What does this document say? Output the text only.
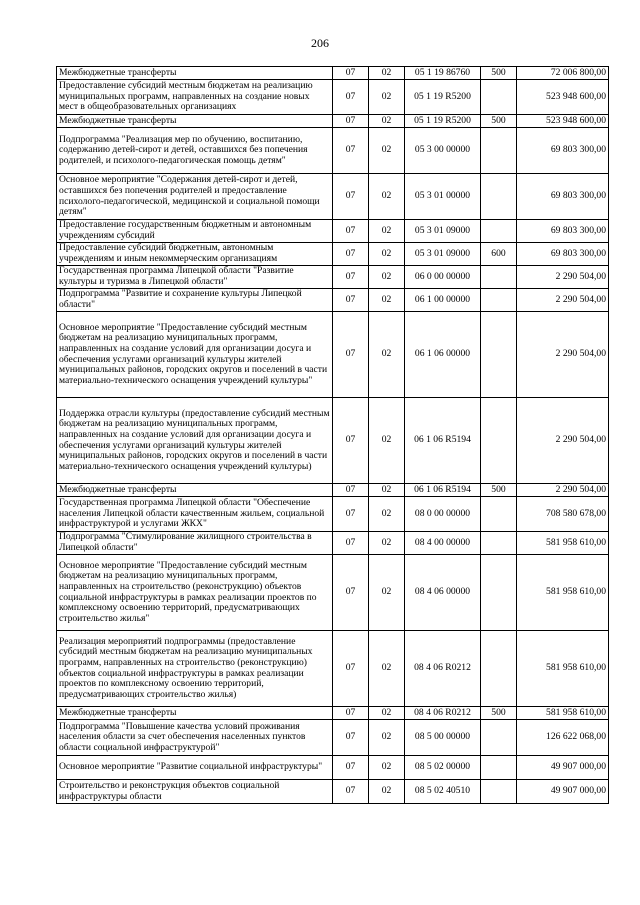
206
Межбюджетные трансферты	07	02	05 1 19 86760	500	72 006 800,00
Предоставление субсидий местным бюджетам на реализацию муниципальных программ, направленных на создание новых мест в общеобразовательных организациях	07	02	05 1 19 R5200		523 948 600,00
Межбюджетные трансферты	07	02	05 1 19 R5200	500	523 948 600,00
Подпрограмма "Реализация мер по обучению, воспитанию, содержанию детей-сирот и детей, оставшихся без попечения родителей, и психолого-педагогическая помощь детям"	07	02	05 3 00 00000		69 803 300,00
Основное мероприятие "Содержания детей-сирот и детей, оставшихся без попечения родителей и предоставление психолого-педагогической, медицинской и социальной помощи детям"	07	02	05 3 01 00000		69 803 300,00
Предоставление государственным бюджетным и автономным учреждениям субсидий	07	02	05 3 01 09000		69 803 300,00
Предоставление субсидий бюджетным, автономным учреждениям и иным некоммерческим организациям	07	02	05 3 01 09000	600	69 803 300,00
Государственная программа Липецкой области "Развитие культуры и туризма в Липецкой области"	07	02	06 0 00 00000		2 290 504,00
Подпрограмма "Развитие и сохранение культуры Липецкой области"	07	02	06 1 00 00000		2 290 504,00
Основное мероприятие "Предоставление субсидий местным бюджетам на реализацию муниципальных программ, направленных на создание условий для организации досуга и обеспечения услугами организаций культуры жителей муниципальных районов, городских округов и поселений в части материально-технического оснащения учреждений культуры"	07	02	06 1 06 00000		2 290 504,00
Поддержка отрасли культуры (предоставление субсидий местным бюджетам на реализацию муниципальных программ, направленных на создание условий для организации досуга и обеспечения услугами организаций культуры жителей муниципальных районов, городских округов и поселений в части материально-технического оснащения учреждений культуры)	07	02	06 1 06 R5194		2 290 504,00
Межбюджетные трансферты	07	02	06 1 06 R5194	500	2 290 504,00
Государственная программа Липецкой области "Обеспечение населения Липецкой области качественным жильем, социальной инфраструктурой и услугами ЖКХ"	07	02	08 0 00 00000		708 580 678,00
Подпрограмма "Стимулирование жилищного строительства в Липецкой области"	07	02	08 4 00 00000		581 958 610,00
Основное мероприятие "Предоставление субсидий местным бюджетам на реализацию муниципальных программ, направленных на строительство (реконструкцию) объектов социальной инфраструктуры в рамках реализации проектов по комплексному освоению территорий, предусматривающих строительство жилья"	07	02	08 4 06 00000		581 958 610,00
Реализация мероприятий подпрограммы (предоставление субсидий местным бюджетам на реализацию муниципальных программ, направленных на строительство (реконструкцию) объектов социальной инфраструктуры в рамках реализации проектов по комплексному освоению территорий, предусматривающих строительство жилья)	07	02	08 4 06 R0212		581 958 610,00
Межбюджетные трансферты	07	02	08 4 06 R0212	500	581 958 610,00
Подпрограмма "Повышение качества условий проживания населения области за счет обеспечения населенных пунктов области социальной инфраструктурой"	07	02	08 5 00 00000		126 622 068,00
Основное мероприятие "Развитие социальной инфраструктуры"	07	02	08 5 02 00000		49 907 000,00
Строительство и реконструкция объектов социальной инфраструктуры области	07	02	08 5 02 40510		49 907 000,00
